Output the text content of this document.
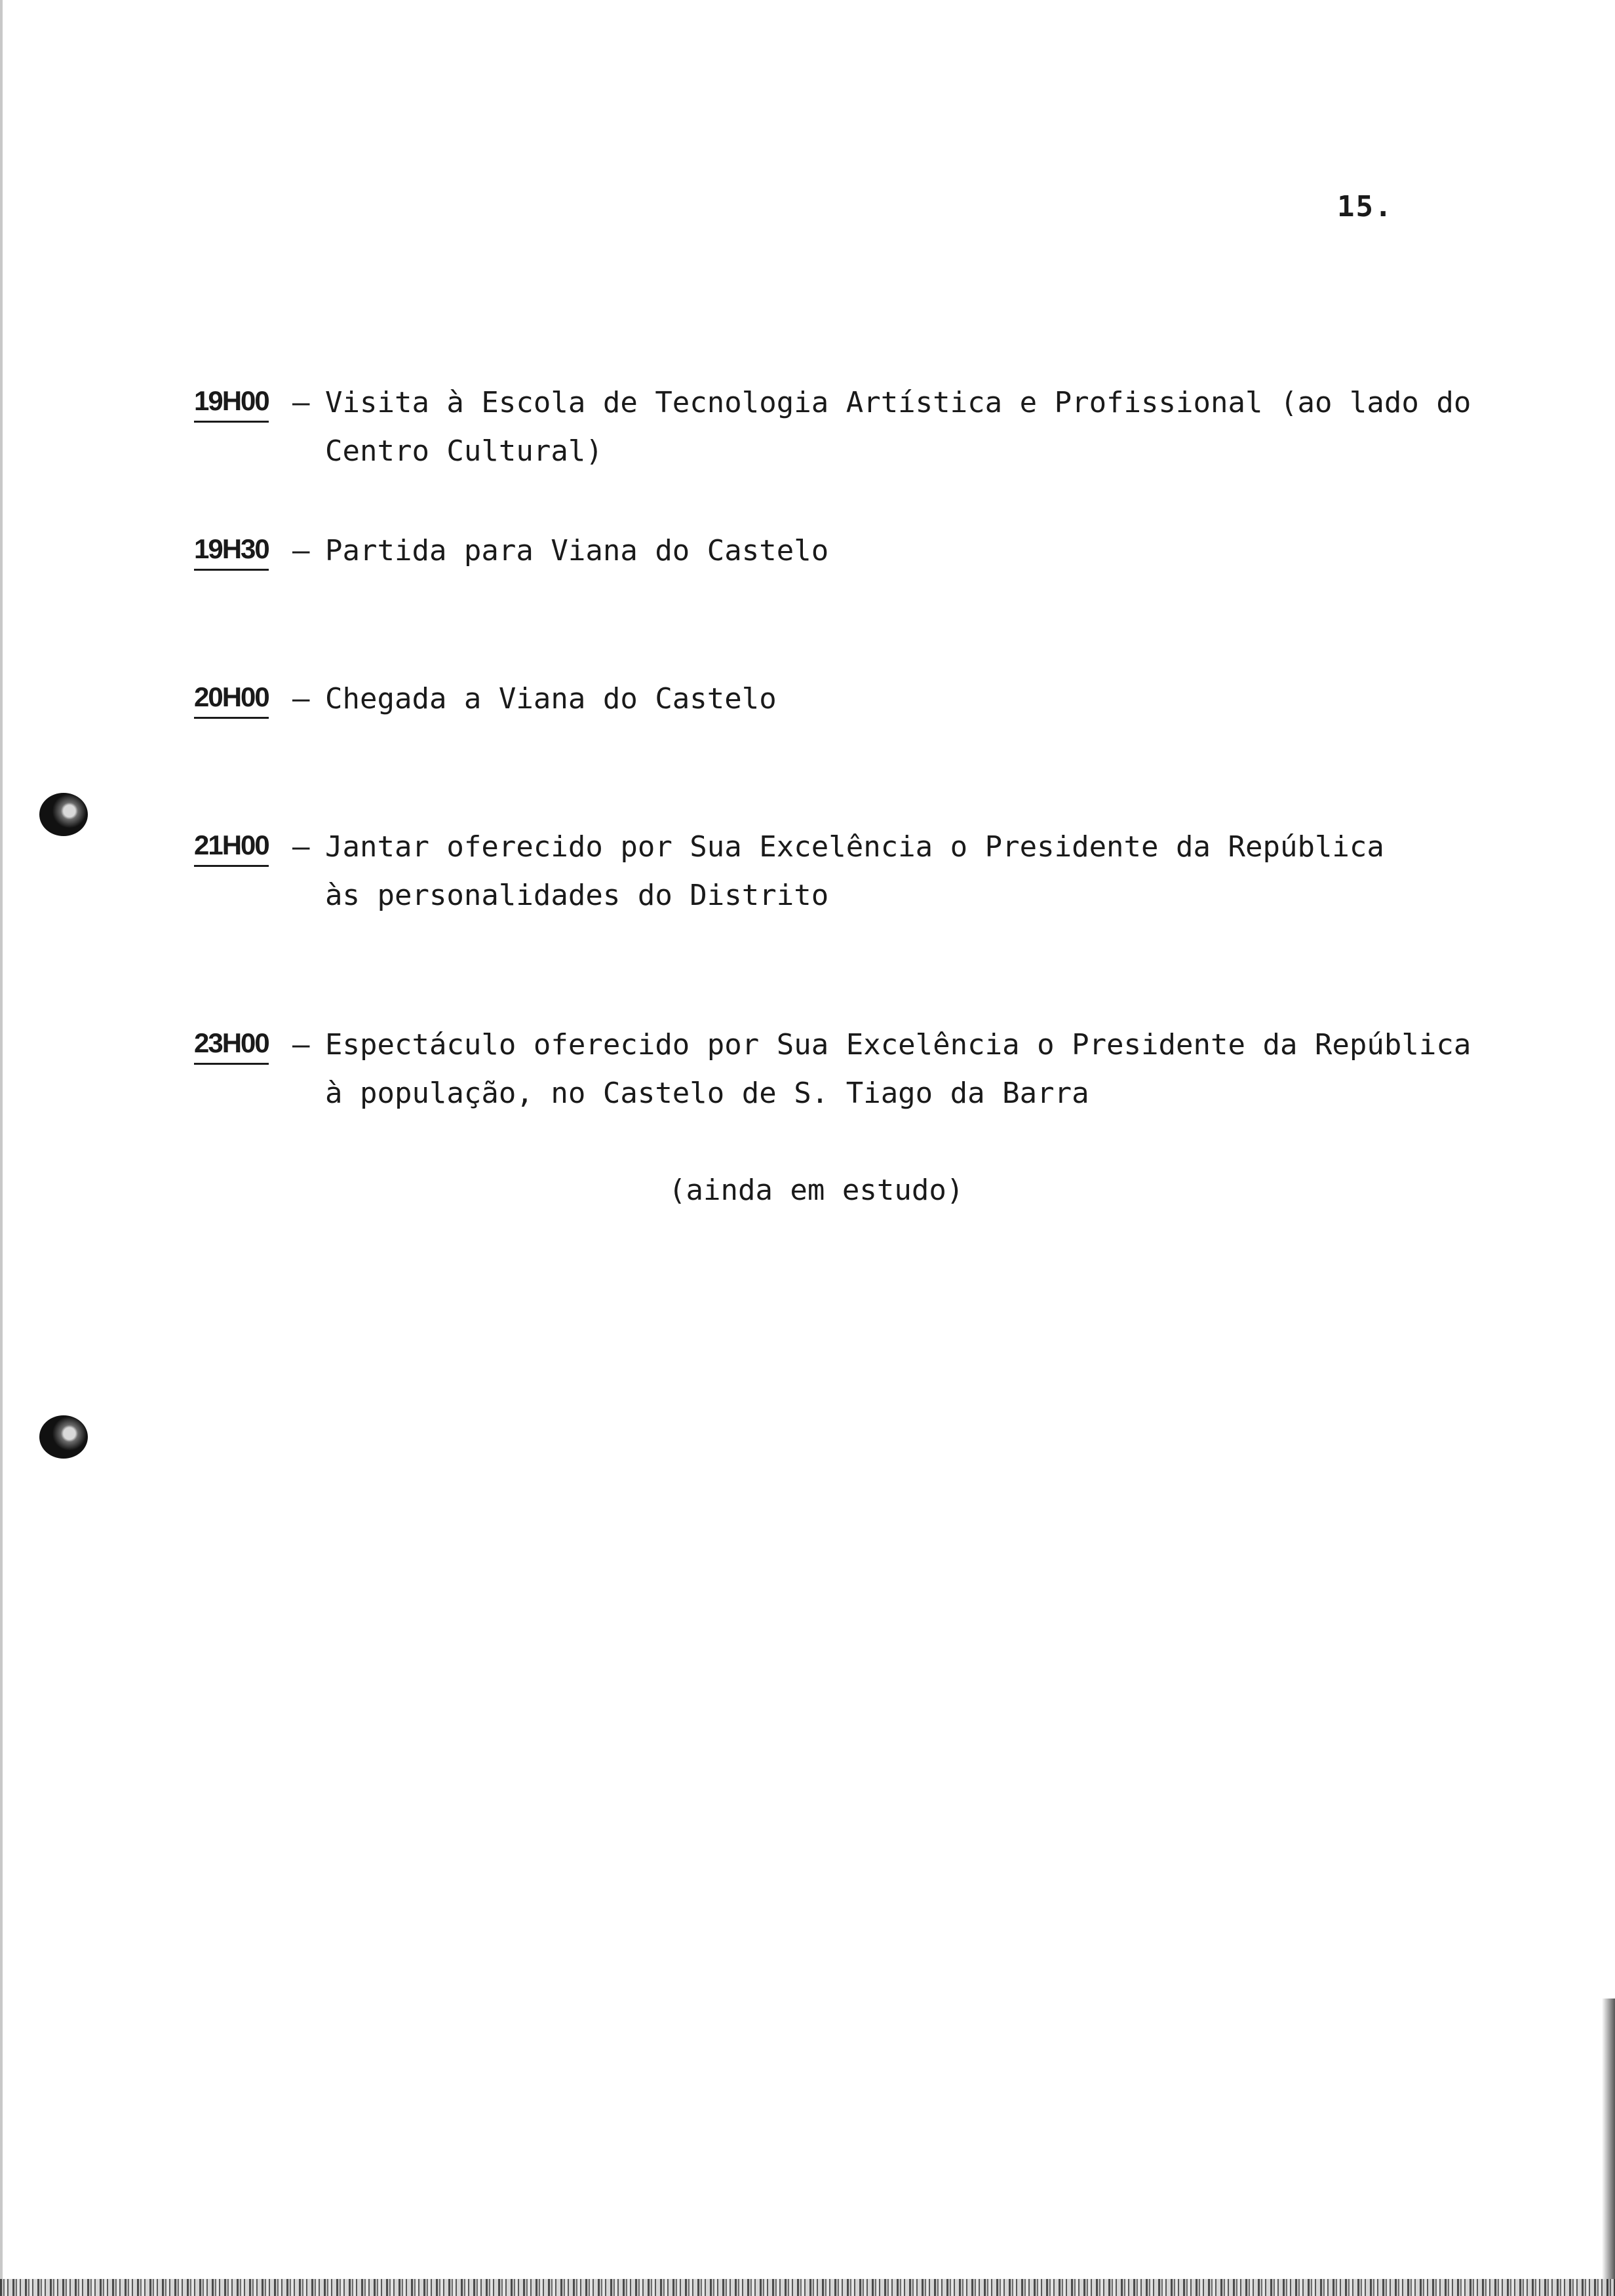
15.
19H00 – Visita à Escola de Tecnologia Artística e Profissional (ao lado do
Centro Cultural)
19H30 – Partida para Viana do Castelo
20H00 – Chegada a Viana do Castelo
21H00 – Jantar oferecido por Sua Excelência o Presidente da República
às personalidades do Distrito
23H00 – Espectáculo oferecido por Sua Excelência o Presidente da República
à população, no Castelo de S. Tiago da Barra
(ainda em estudo)
